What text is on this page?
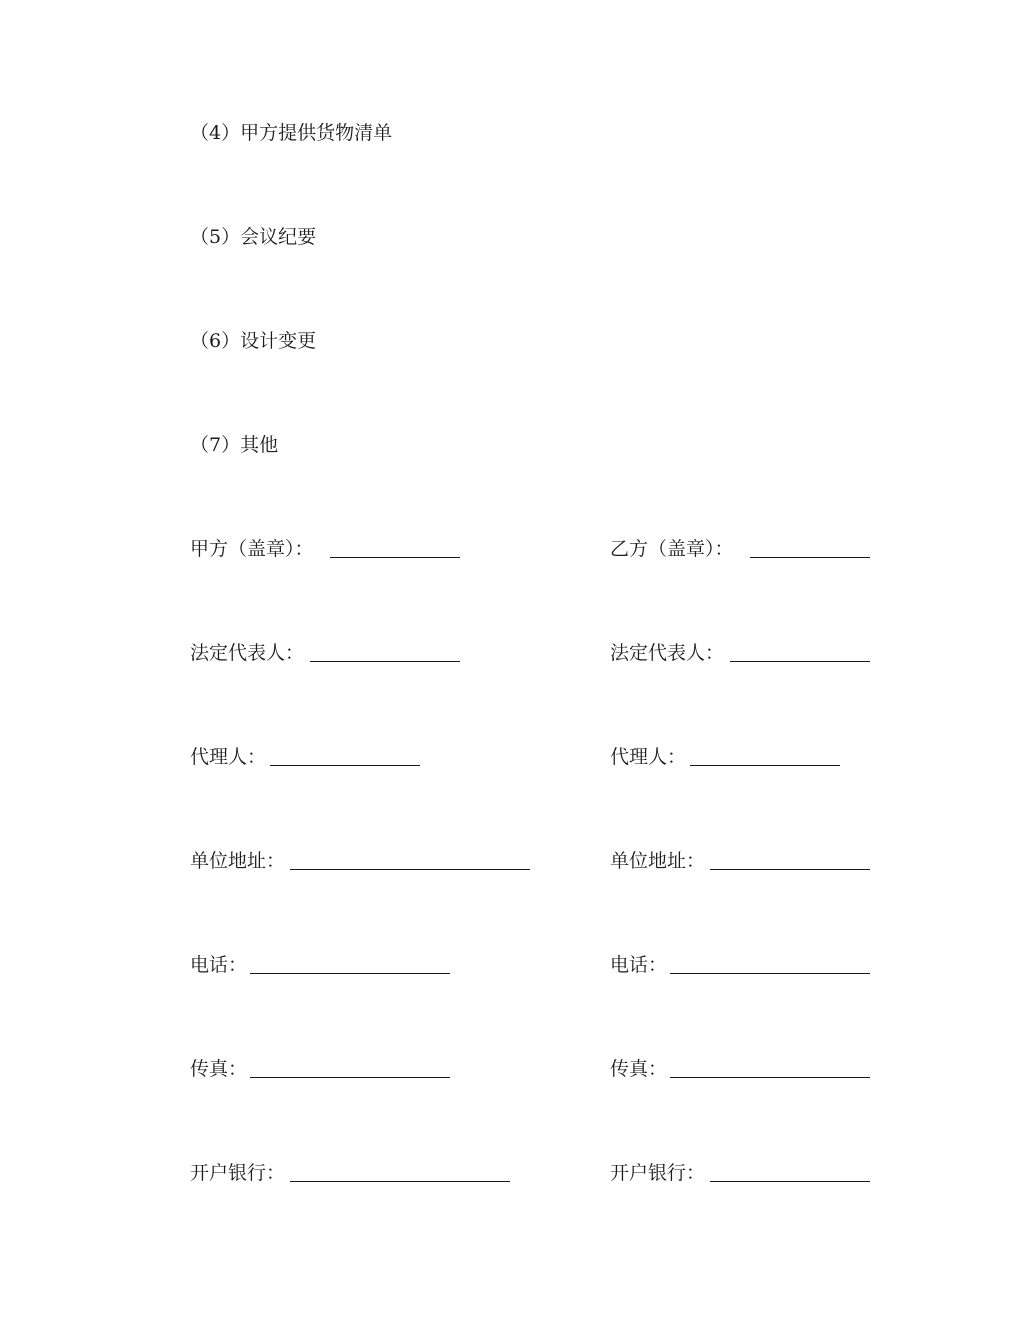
（4）甲方提供货物清单
（5）会议纪要
（6）设计变更
（7）其他
甲方（盖章）：
法定代表人：
代理人：
单位地址：
电话：
传真：
开户银行：
乙方（盖章）：
法定代表人：
代理人：
单位地址：
电话：
传真：
开户银行：
